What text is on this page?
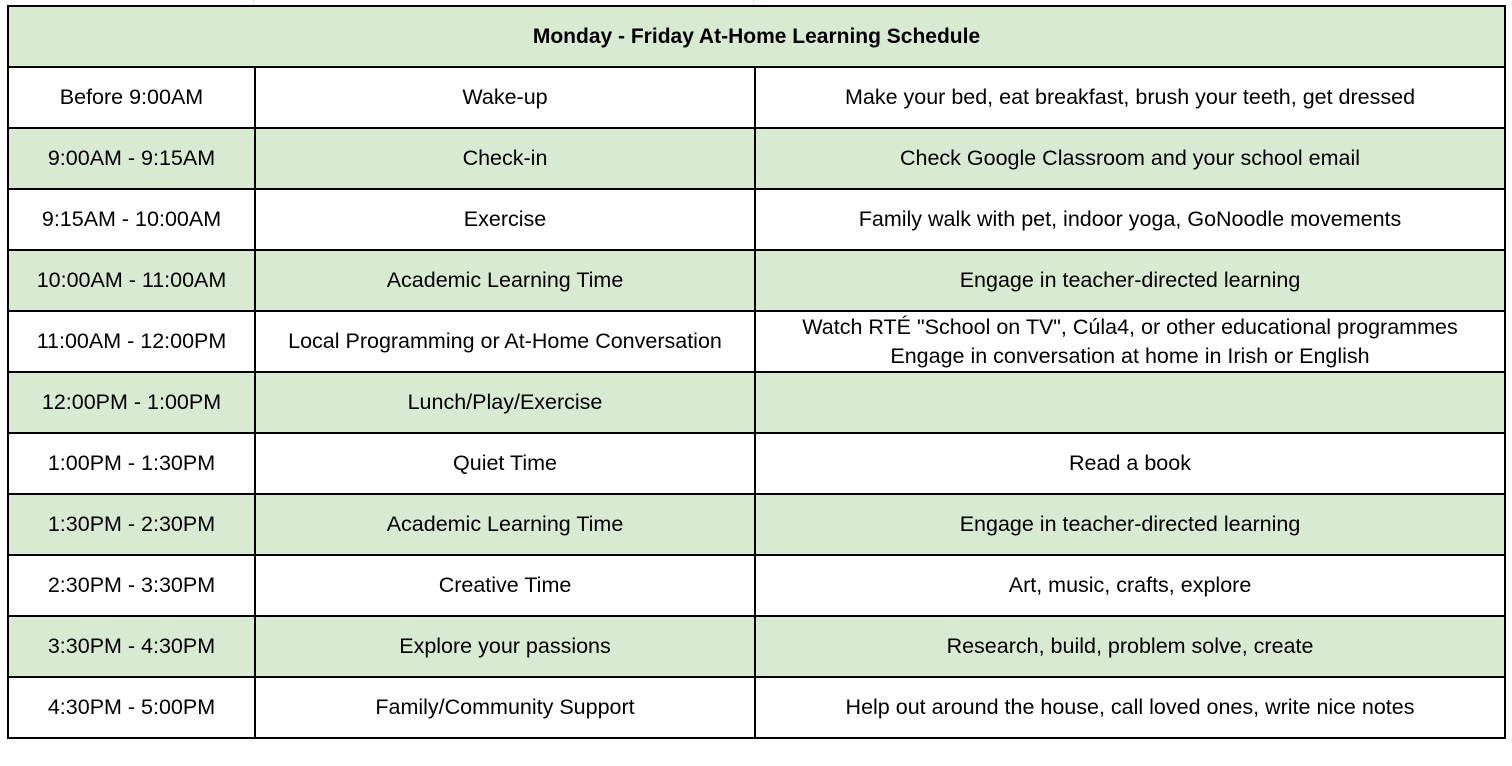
Monday - Friday At-Home Learning Schedule		
Before 9:00AM	Wake-up	Make your bed, eat breakfast, brush your teeth, get dressed

9:00AM - 9:15AM	Check-in	Check Google Classroom and your school email

9:15AM - 10:00AM	Exercise	Family walk with pet, indoor yoga, GoNoodle movements

10:00AM - 11:00AM	Academic Learning Time	Engage in teacher-directed learning

11:00AM - 12:00PM	Local Programming or At-Home Conversation	Watch RTÉ "School on TV", Cúla4, or other educational programmes
Engage in conversation at home in Irish or English

12:00PM - 1:00PM	Lunch/Play/Exercise	
1:00PM - 1:30PM	Quiet Time	Read a book

1:30PM - 2:30PM	Academic Learning Time	Engage in teacher-directed learning

2:30PM - 3:30PM	Creative Time	Art, music, crafts, explore

3:30PM - 4:30PM	Explore your passions	Research, build, problem solve, create

4:30PM - 5:00PM	Family/Community Support	Help out around the house, call loved ones, write nice notes
